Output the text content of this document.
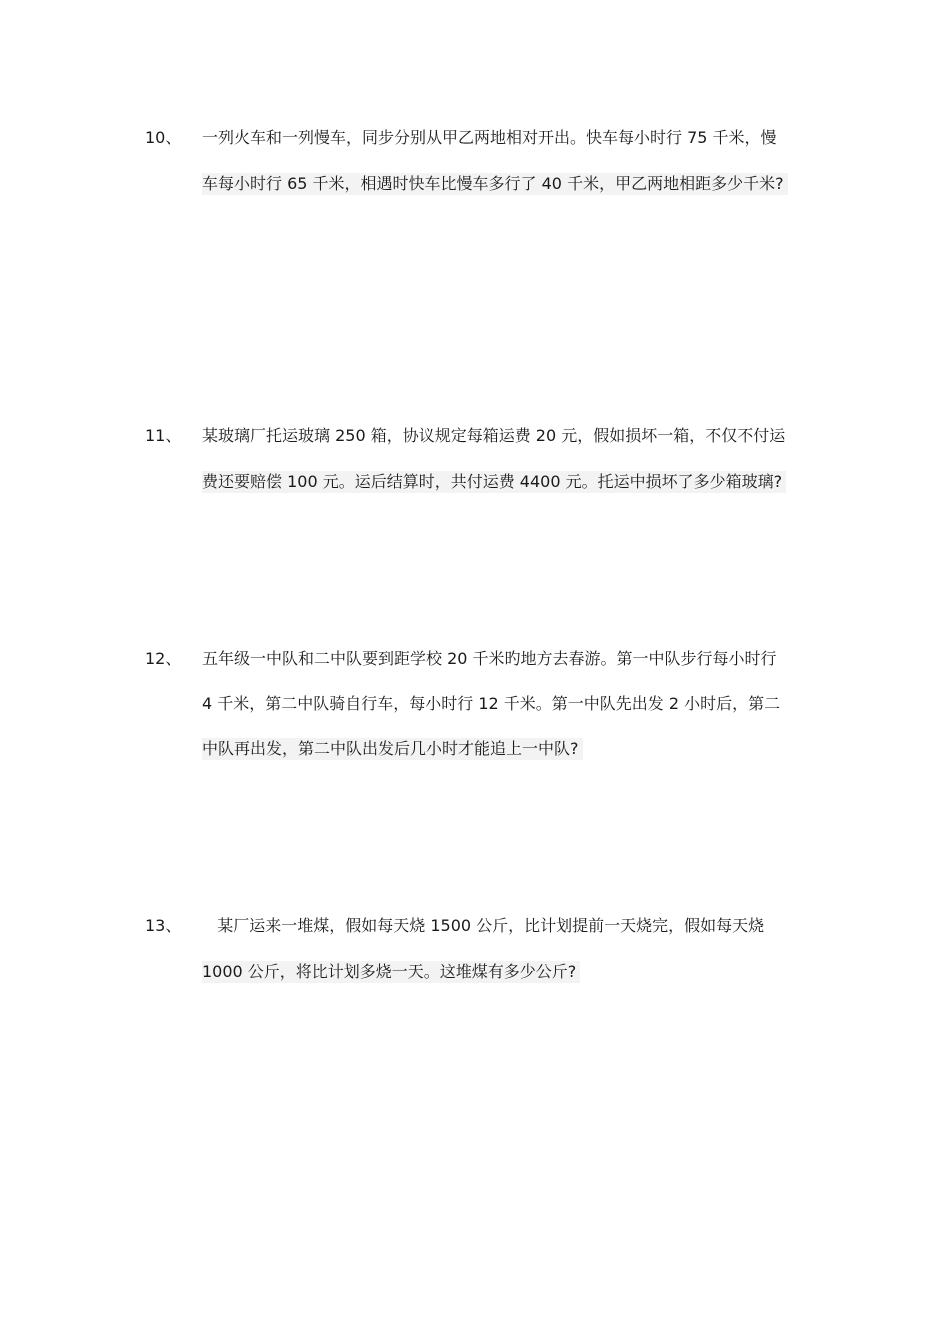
10、 一列火车和一列慢车，同步分别从甲乙两地相对开出。快车每小时行 75 千米，慢
车每小时行 65 千米，相遇时快车比慢车多行了 40 千米，甲乙两地相距多少千米?
11、 某玻璃厂托运玻璃 250 箱，协议规定每箱运费 20 元，假如损坏一箱，不仅不付运
费还要赔偿 100 元。运后结算时，共付运费 4400 元。托运中损坏了多少箱玻璃?
12、 五年级一中队和二中队要到距学校 20 千米旳地方去春游。第一中队步行每小时行
4 千米，第二中队骑自行车，每小时行 12 千米。第一中队先出发 2 小时后，第二
中队再出发，第二中队出发后几小时才能追上一中队?
13、 某厂运来一堆煤，假如每天烧 1500 公斤，比计划提前一天烧完，假如每天烧
1000 公斤，将比计划多烧一天。这堆煤有多少公斤?
